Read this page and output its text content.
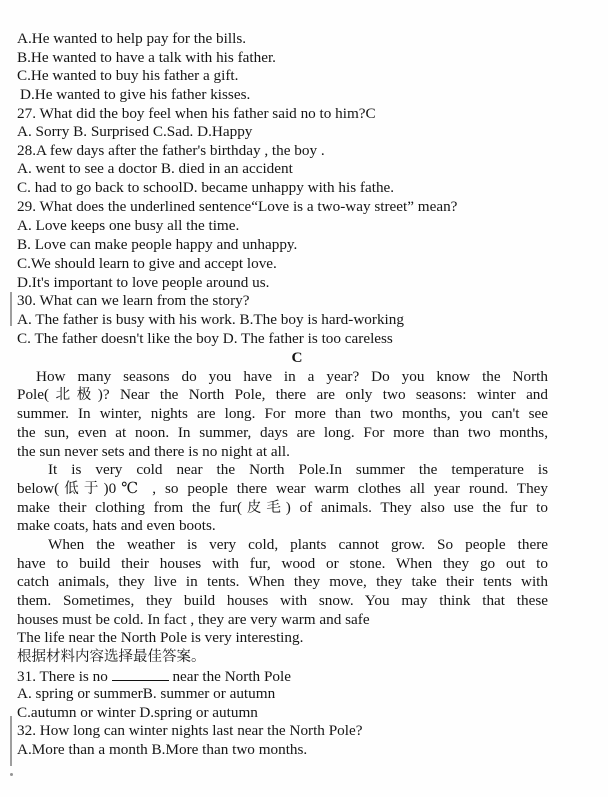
A.He wanted to help pay for the bills.
B.He wanted to have a talk with his father.
C.He wanted to buy his father a gift.
D.He wanted to give his father kisses.
27. What did the boy feel when his father said no to him?C
A. Sorry B. Surprised C.Sad. D.Happy
28.A few days after the father's birthday , the boy .
A. went to see a doctor B. died in an accident
C. had to go back to schoolD. became unhappy with his fathe.
29. What does the underlined sentence“Love is a two-way street” mean?
A. Love keeps one busy all the time.
B. Love can make people happy and unhappy.
C.We should learn to give and accept love.
D.It's important to love people around us.
30. What can we learn from the story?
A. The father is busy with his work. B.The boy is hard-working
C. The father doesn't like the boy D. The father is too careless
C
How many seasons do you have in a year? Do you know the North
Pole(北极)? Near the North Pole, there are only two seasons: winter and
summer. In winter, nights are long. For more than two months, you can't see
the sun, even at noon. In summer, days are long. For more than two months,
the sun never sets and there is no night at all.
It is very cold near the North Pole.In summer the temperature is
below(低于)0℃ , so people there wear warm clothes all year round. They
make their clothing from the fur(皮毛) of animals. They also use the fur to
make coats, hats and even boots.
When the weather is very cold, plants cannot grow. So people there
have to build their houses with fur, wood or stone. When they go out to
catch animals, they live in tents. When they move, they take their tents with
them. Sometimes, they build houses with snow. You may think that these
houses must be cold. In fact , they are very warm and safe
The life near the North Pole is very interesting.
根据材料内容选择最佳答案。
31. There is no	near the North Pole
A. spring or summerB. summer or autumn
C.autumn or winter D.spring or autumn
32. How long can winter nights last near the North Pole?
A.More than a month B.More than two months.
